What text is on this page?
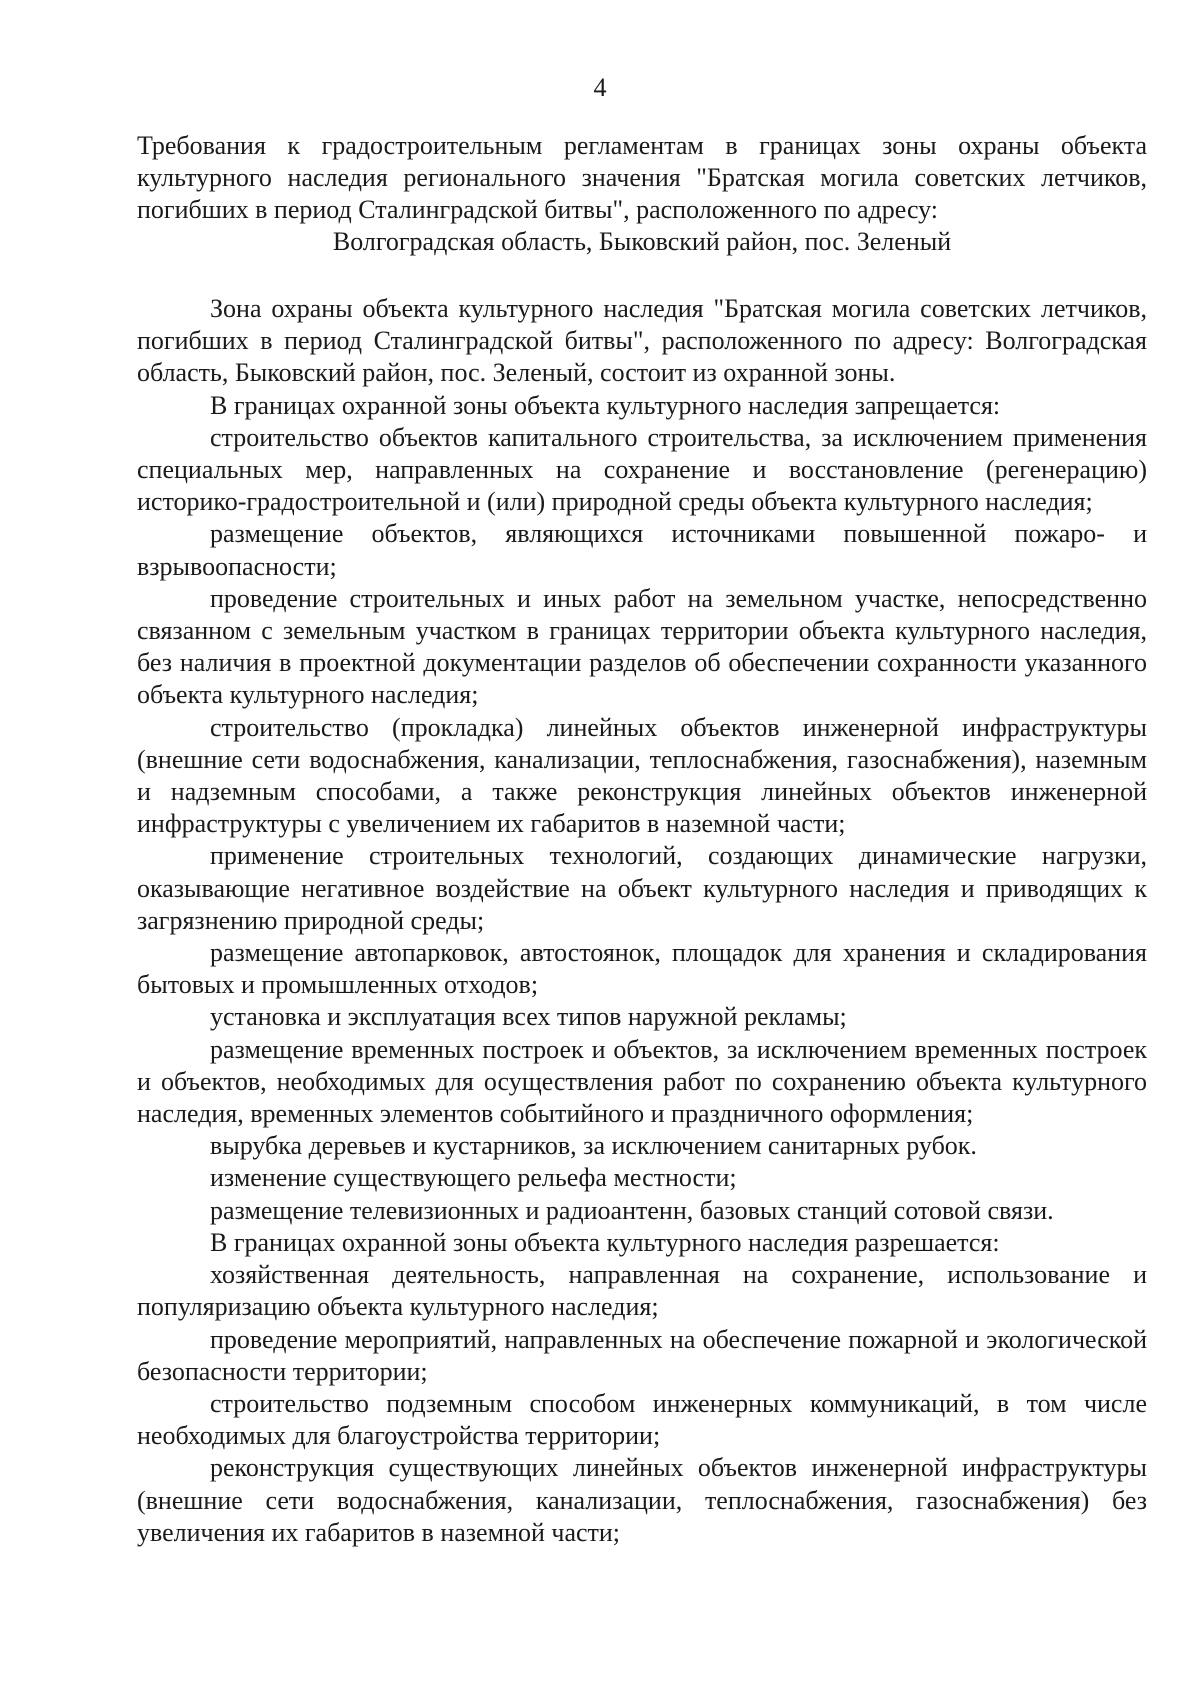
4
Требования к градостроительным регламентам в границах зоны охраны объекта культурного наследия регионального значения "Братская могила советских летчиков, погибших в период Сталинградской битвы", расположенного по адресу:
Волгоградская область, Быковский район, пос. Зеленый

Зона охраны объекта культурного наследия "Братская могила советских летчиков, погибших в период Сталинградской битвы", расположенного по адресу: Волгоградская область, Быковский район, пос. Зеленый, состоит из охранной зоны.

В границах охранной зоны объекта культурного наследия запрещается:

строительство объектов капитального строительства, за исключением применения специальных мер, направленных на сохранение и восстановление (регенерацию) историко-градостроительной и (или) природной среды объекта культурного наследия;

размещение объектов, являющихся источниками повышенной пожаро- и взрывоопасности;

проведение строительных и иных работ на земельном участке, непосредственно связанном с земельным участком в границах территории объекта культурного наследия, без наличия в проектной документации разделов об обеспечении сохранности указанного объекта культурного наследия;

строительство (прокладка) линейных объектов инженерной инфраструктуры (внешние сети водоснабжения, канализации, теплоснабжения, газоснабжения), наземным и надземным способами, а также реконструкция линейных объектов инженерной инфраструктуры с увеличением их габаритов в наземной части;

применение строительных технологий, создающих динамические нагрузки, оказывающие негативное воздействие на объект культурного наследия и приводящих к загрязнению природной среды;

размещение автопарковок, автостоянок, площадок для хранения и складирования бытовых и промышленных отходов;

установка и эксплуатация всех типов наружной рекламы;

размещение временных построек и объектов, за исключением временных построек и объектов, необходимых для осуществления работ по сохранению объекта культурного наследия, временных элементов событийного и праздничного оформления;

вырубка деревьев и кустарников, за исключением санитарных рубок.

изменение существующего рельефа местности;

размещение телевизионных и радиоантенн, базовых станций сотовой связи.

В границах охранной зоны объекта культурного наследия разрешается:

хозяйственная деятельность, направленная на сохранение, использование и популяризацию объекта культурного наследия;

проведение мероприятий, направленных на обеспечение пожарной и экологической безопасности территории;

строительство подземным способом инженерных коммуникаций, в том числе необходимых для благоустройства территории;

реконструкция существующих линейных объектов инженерной инфраструктуры (внешние сети водоснабжения, канализации, теплоснабжения, газоснабжения) без увеличения их габаритов в наземной части;
